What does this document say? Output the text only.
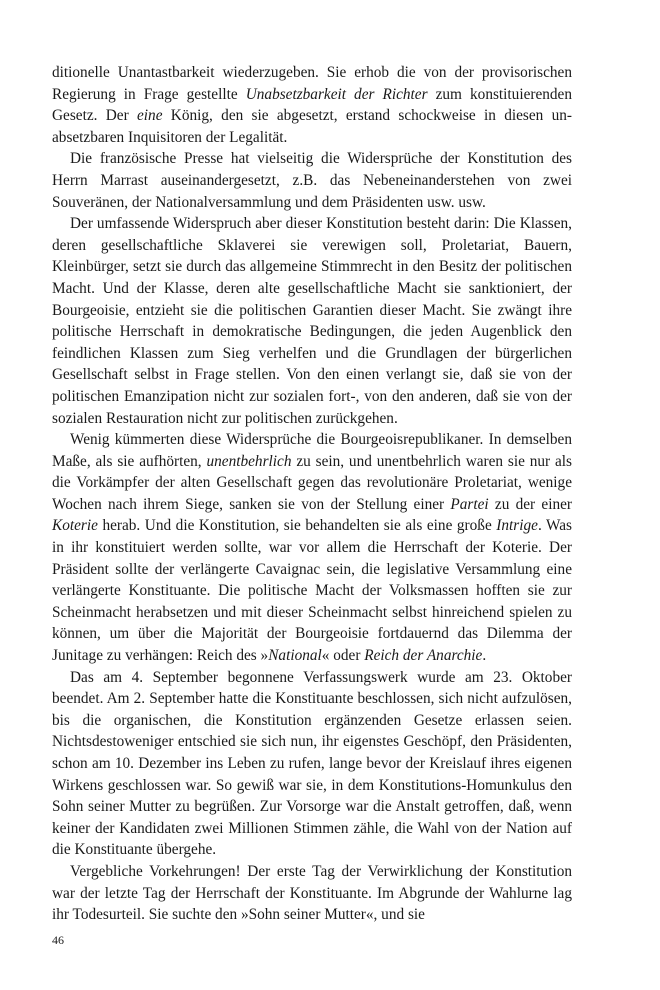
ditionelle Unantastbarkeit wiederzugeben. Sie erhob die von der provisorischen Regierung in Frage gestellte Unabsetzbarkeit der Richter zum konstituierenden Gesetz. Der eine König, den sie abgesetzt, erstand schockweise in diesen unabsetzbaren Inquisitoren der Legalität.

Die französische Presse hat vielseitig die Widersprüche der Konstitution des Herrn Marrast auseinandergesetzt, z.B. das Nebeneinanderstehen von zwei Souveränen, der Nationalversammlung und dem Präsidenten usw. usw.

Der umfassende Widerspruch aber dieser Konstitution besteht darin: Die Klassen, deren gesellschaftliche Sklaverei sie verewigen soll, Proletariat, Bauern, Kleinbürger, setzt sie durch das allgemeine Stimmrecht in den Besitz der politischen Macht. Und der Klasse, deren alte gesellschaftliche Macht sie sanktioniert, der Bourgeoisie, entzieht sie die politischen Garantien dieser Macht. Sie zwängt ihre politische Herrschaft in demokratische Bedingungen, die jeden Augenblick den feindlichen Klassen zum Sieg verhelfen und die Grundlagen der bürgerlichen Gesellschaft selbst in Frage stellen. Von den einen verlangt sie, daß sie von der politischen Emanzipation nicht zur sozialen fort-, von den anderen, daß sie von der sozialen Restauration nicht zur politischen zurückgehen.

Wenig kümmerten diese Widersprüche die Bourgeoisrepublikaner. In demselben Maße, als sie aufhörten, unentbehrlich zu sein, und unentbehrlich waren sie nur als die Vorkämpfer der alten Gesellschaft gegen das revolutionäre Proletariat, wenige Wochen nach ihrem Siege, sanken sie von der Stellung einer Partei zu der einer Koterie herab. Und die Konstitution, sie behandelten sie als eine große Intrige. Was in ihr konstituiert werden sollte, war vor allem die Herrschaft der Koterie. Der Präsident sollte der verlängerte Cavaignac sein, die legislative Versammlung eine verlängerte Konstituante. Die politische Macht der Volksmassen hofften sie zur Scheinmacht herabsetzen und mit dieser Scheinmacht selbst hinreichend spielen zu können, um über die Majorität der Bourgeoisie fortdauernd das Dilemma der Junitage zu verhängen: Reich des »National« oder Reich der Anarchie.

Das am 4. September begonnene Verfassungswerk wurde am 23. Oktober beendet. Am 2. September hatte die Konstituante beschlossen, sich nicht aufzulösen, bis die organischen, die Konstitution ergänzenden Gesetze erlassen seien. Nichtsdestoweniger entschied sie sich nun, ihr eigenstes Geschöpf, den Präsidenten, schon am 10. Dezember ins Leben zu rufen, lange bevor der Kreislauf ihres eigenen Wirkens geschlossen war. So gewiß war sie, in dem Konstitutions-Homunkulus den Sohn seiner Mutter zu begrüßen. Zur Vorsorge war die Anstalt getroffen, daß, wenn keiner der Kandidaten zwei Millionen Stimmen zähle, die Wahl von der Nation auf die Konstituante übergehe.

Vergebliche Vorkehrungen! Der erste Tag der Verwirklichung der Konstitution war der letzte Tag der Herrschaft der Konstituante. Im Abgrunde der Wahlurne lag ihr Todesurteil. Sie suchte den »Sohn seiner Mutter«, und sie

46
